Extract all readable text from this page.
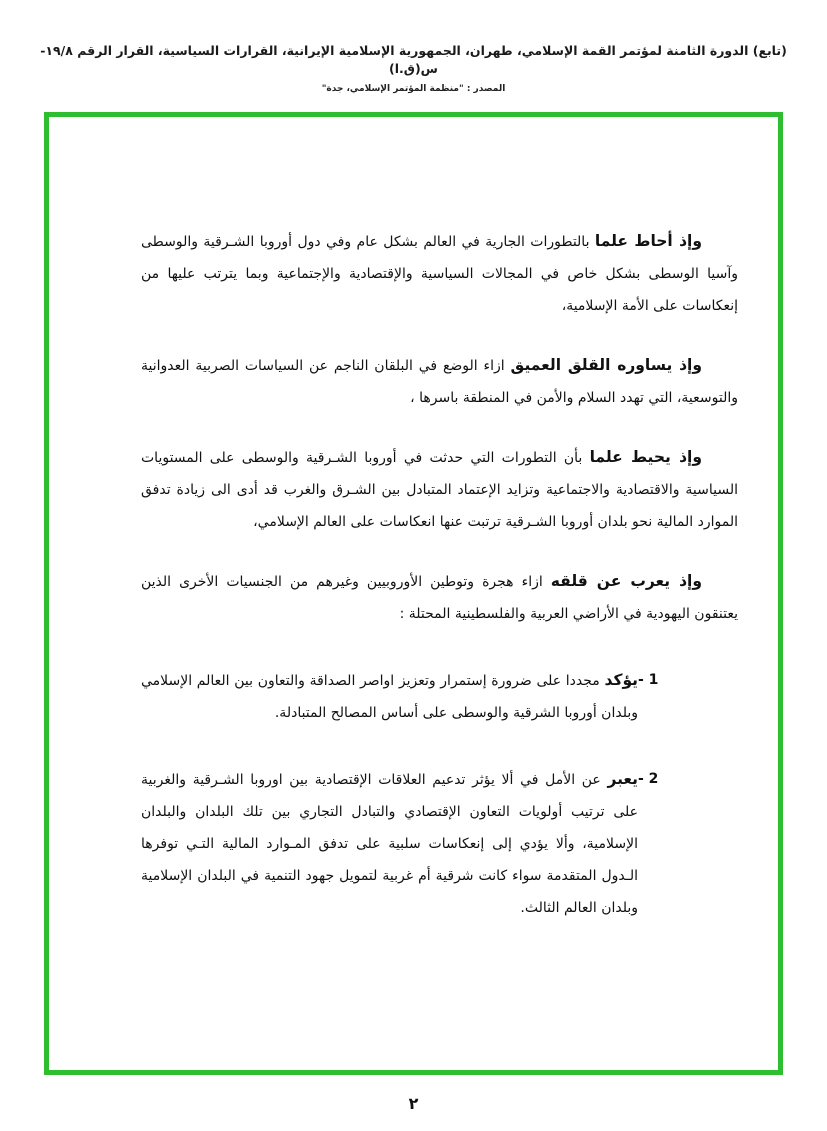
(تابع) الدورة الثامنة لمؤتمر القمة الإسلامي، طهران، الجمهورية الإسلامية الإيرانية، القرارات السياسية، القرار الرقم ١٩/٨-س(ق.ا)
المصدر : "منظمة المؤتمر الإسلامي، جدة"

وإذ أحاط علما بالتطورات الجارية في العالم بشكل عام وفي دول أوروبا الشـرقية والوسطى وآسيا الوسطى بشكل خاص في المجالات السياسية والإقتصادية والإجتماعية وبما يترتب عليها من إنعكاسات على الأمة الإسلامية،

وإذ يساوره القلق العميق ازاء الوضع في البلقان الناجم عن السياسات الصربية العدوانية والتوسعية، التي تهدد السلام والأمن في المنطقة باسرها ،

وإذ يحيط علما بأن التطورات التي حدثت في أوروبا الشـرقية والوسطى على المستويات السياسية والاقتصادية والاجتماعية وتزايد الإعتماد المتبادل بين الشـرق والغرب قد أدى الى زيادة تدفق الموارد المالية نحو بلدان أوروبا الشـرقية ترتبت عنها انعكاسات على العالم الإسلامي،

وإذ يعرب عن قلقه ازاء هجرة وتوطين الأوروبيين وغيرهم من الجنسيات الأخرى الذين يعتنقون اليهودية في الأراضي العربية والفلسطينية المحتلة :

- 1

يؤكد مجددا على ضرورة إستمرار وتعزيز اواصر الصداقة والتعاون بين العالم الإسلامي وبلدان أوروبا الشرقية والوسطى على أساس المصالح المتبادلة.

- 2

يعبر عن الأمل في ألا يؤثر تدعيم العلاقات الإقتصادية بين اوروبا الشـرقية والغربية على ترتيب أولويات التعاون الإقتصادي والتبادل التجاري بين تلك البلدان والبلدان الإسلامية، وألا يؤدي إلى إنعكاسات سلبية على تدفق المـوارد المالية التـي توفرها الـدول المتقدمة سواء كانت شرقية أم غربية لتمويل جهود التنمية في البلدان الإسلامية وبلدان العالم الثالث.

٢
